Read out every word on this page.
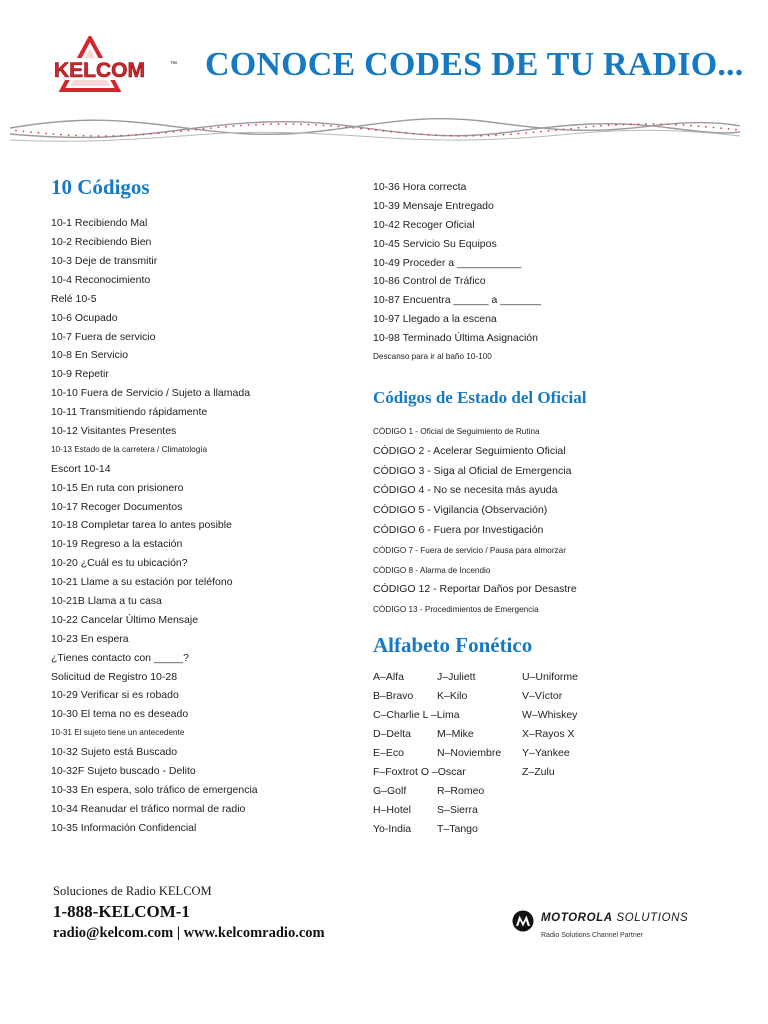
KELCOM	™ CONOCE CODES DE TU RADIO...
10 Códigos
10-1 Recibiendo Mal
10-2 Recibiendo Bien
10-3 Deje de transmitir
10-4 Reconocimiento
Relé 10-5
10-6 Ocupado
10-7 Fuera de servicio
10-8 En Servicio
10-9 Repetir
10-10 Fuera de Servicio / Sujeto a llamada
10-11 Transmitiendo rápidamente
10-12 Visitantes Presentes
10-13 Estado de la carretera / Climatología
Escort 10-14
10-15 En ruta con prisionero
10-17 Recoger Documentos
10-18 Completar tarea lo antes posible
10-19 Regreso a la estación
10-20 ¿Cuál es tu ubicación?
10-21 Llame a su estación por teléfono
10-21B Llama a tu casa
10-22 Cancelar Último Mensaje
10-23 En espera
¿Tienes contacto con _____?
Solicitud de Registro 10-28
10-29 Verificar si es robado
10-30 El tema no es deseado
10-31 El sujeto tiene un antecedente
10-32 Sujeto está Buscado
10-32F Sujeto buscado - Delito
10-33 En espera, solo tráfico de emergencia
10-34 Reanudar el tráfico normal de radio
10-35 Información Confidencial
10-36 Hora correcta
10-39 Mensaje Entregado
10-42 Recoger Oficial
10-45 Servicio Su Equipos
10-49 Proceder a ___________
10-86 Control de Tráfico
10-87 Encuentra ______ a _______
10-97 Llegado a la escena
10-98 Terminado Última Asignación
Descanso para ir al baño 10-100
Códigos de Estado del Oficial
CÓDIGO 1 - Oficial de Seguimiento de Rutina
CÓDIGO 2 - Acelerar Seguimiento Oficial
CÓDIGO 3 - Siga al Oficial de Emergencia
CÓDIGO 4 - No se necesita más ayuda
CÓDIGO 5 - Vigilancia (Observación)
CÓDIGO 6 - Fuera por Investigación
CÓDIGO 7 - Fuera de servicio / Pausa para almorzar
CÓDIGO 8 - Alarma de Incendio
CÓDIGO 12 - Reportar Daños por Desastre
CÓDIGO 13 - Procedimientos de Emergencia
Alfabeto Fonético
A–Alfa
B–Bravo
C–Charlie L –Lima
D–Delta
E–Eco
F–Foxtrot O –Oscar
G–Golf
H–Hotel
Yo-India
J–Juliett
K–Kilo
M–Mike
N–Noviembre
R–Romeo
S–Sierra
T–Tango
U–Uniforme
V–Víctor
W–Whiskey
X–Rayos X
Y–Yankee
Z–Zulu
Soluciones de Radio KELCOM
1-888-KELCOM-1
radio@kelcom.com | www.kelcomradio.com
MOTOROLA SOLUTIONS
Radio Solutions Channel Partner
